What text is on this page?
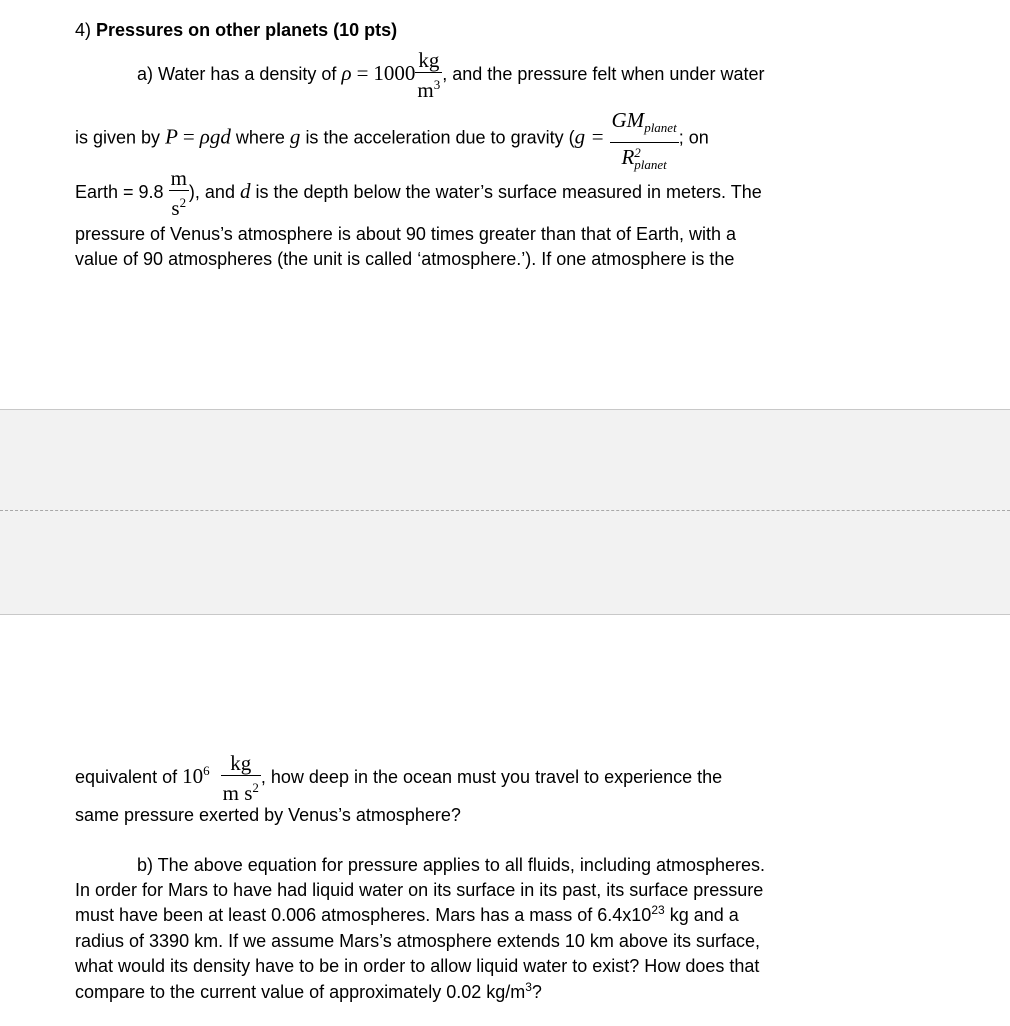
4) Pressures on other planets (10 pts)
a) Water has a density of $\rho = 1000 \frac{kg}{m^3}$ , and the pressure felt when under water
is given by P = ρgd where g is the acceleration due to gravity ($g = GM_{planet}$
R 2
planet ; on
Earth = $9.8 \frac{m}{s^2}$ ), and d is the depth below the water’s surface measured in meters. The
pressure of Venus’s atmosphere is about 90 times greater than that of Earth, with a
value of 90 atmospheres (the unit is called ‘atmosphere.’). If one atmosphere is the
equivalent of $10^6 \frac{kg}{m s^2}$ , how deep in the ocean must you travel to experience the
same pressure exerted by Venus’s atmosphere?
b) The above equation for pressure applies to all fluids, including atmospheres.
In order for Mars to have had liquid water on its surface in its past, its surface pressure
must have been at least 0.006 atmospheres. Mars has a mass of $6.4x10^{23}$ kg and a
radius of 3390 km. If we assume Mars’s atmosphere extends 10 km above its surface,
what would its density have to be in order to allow liquid water to exist? How does that
compare to the current value of approximately 0.02 $kg/m^3$?
